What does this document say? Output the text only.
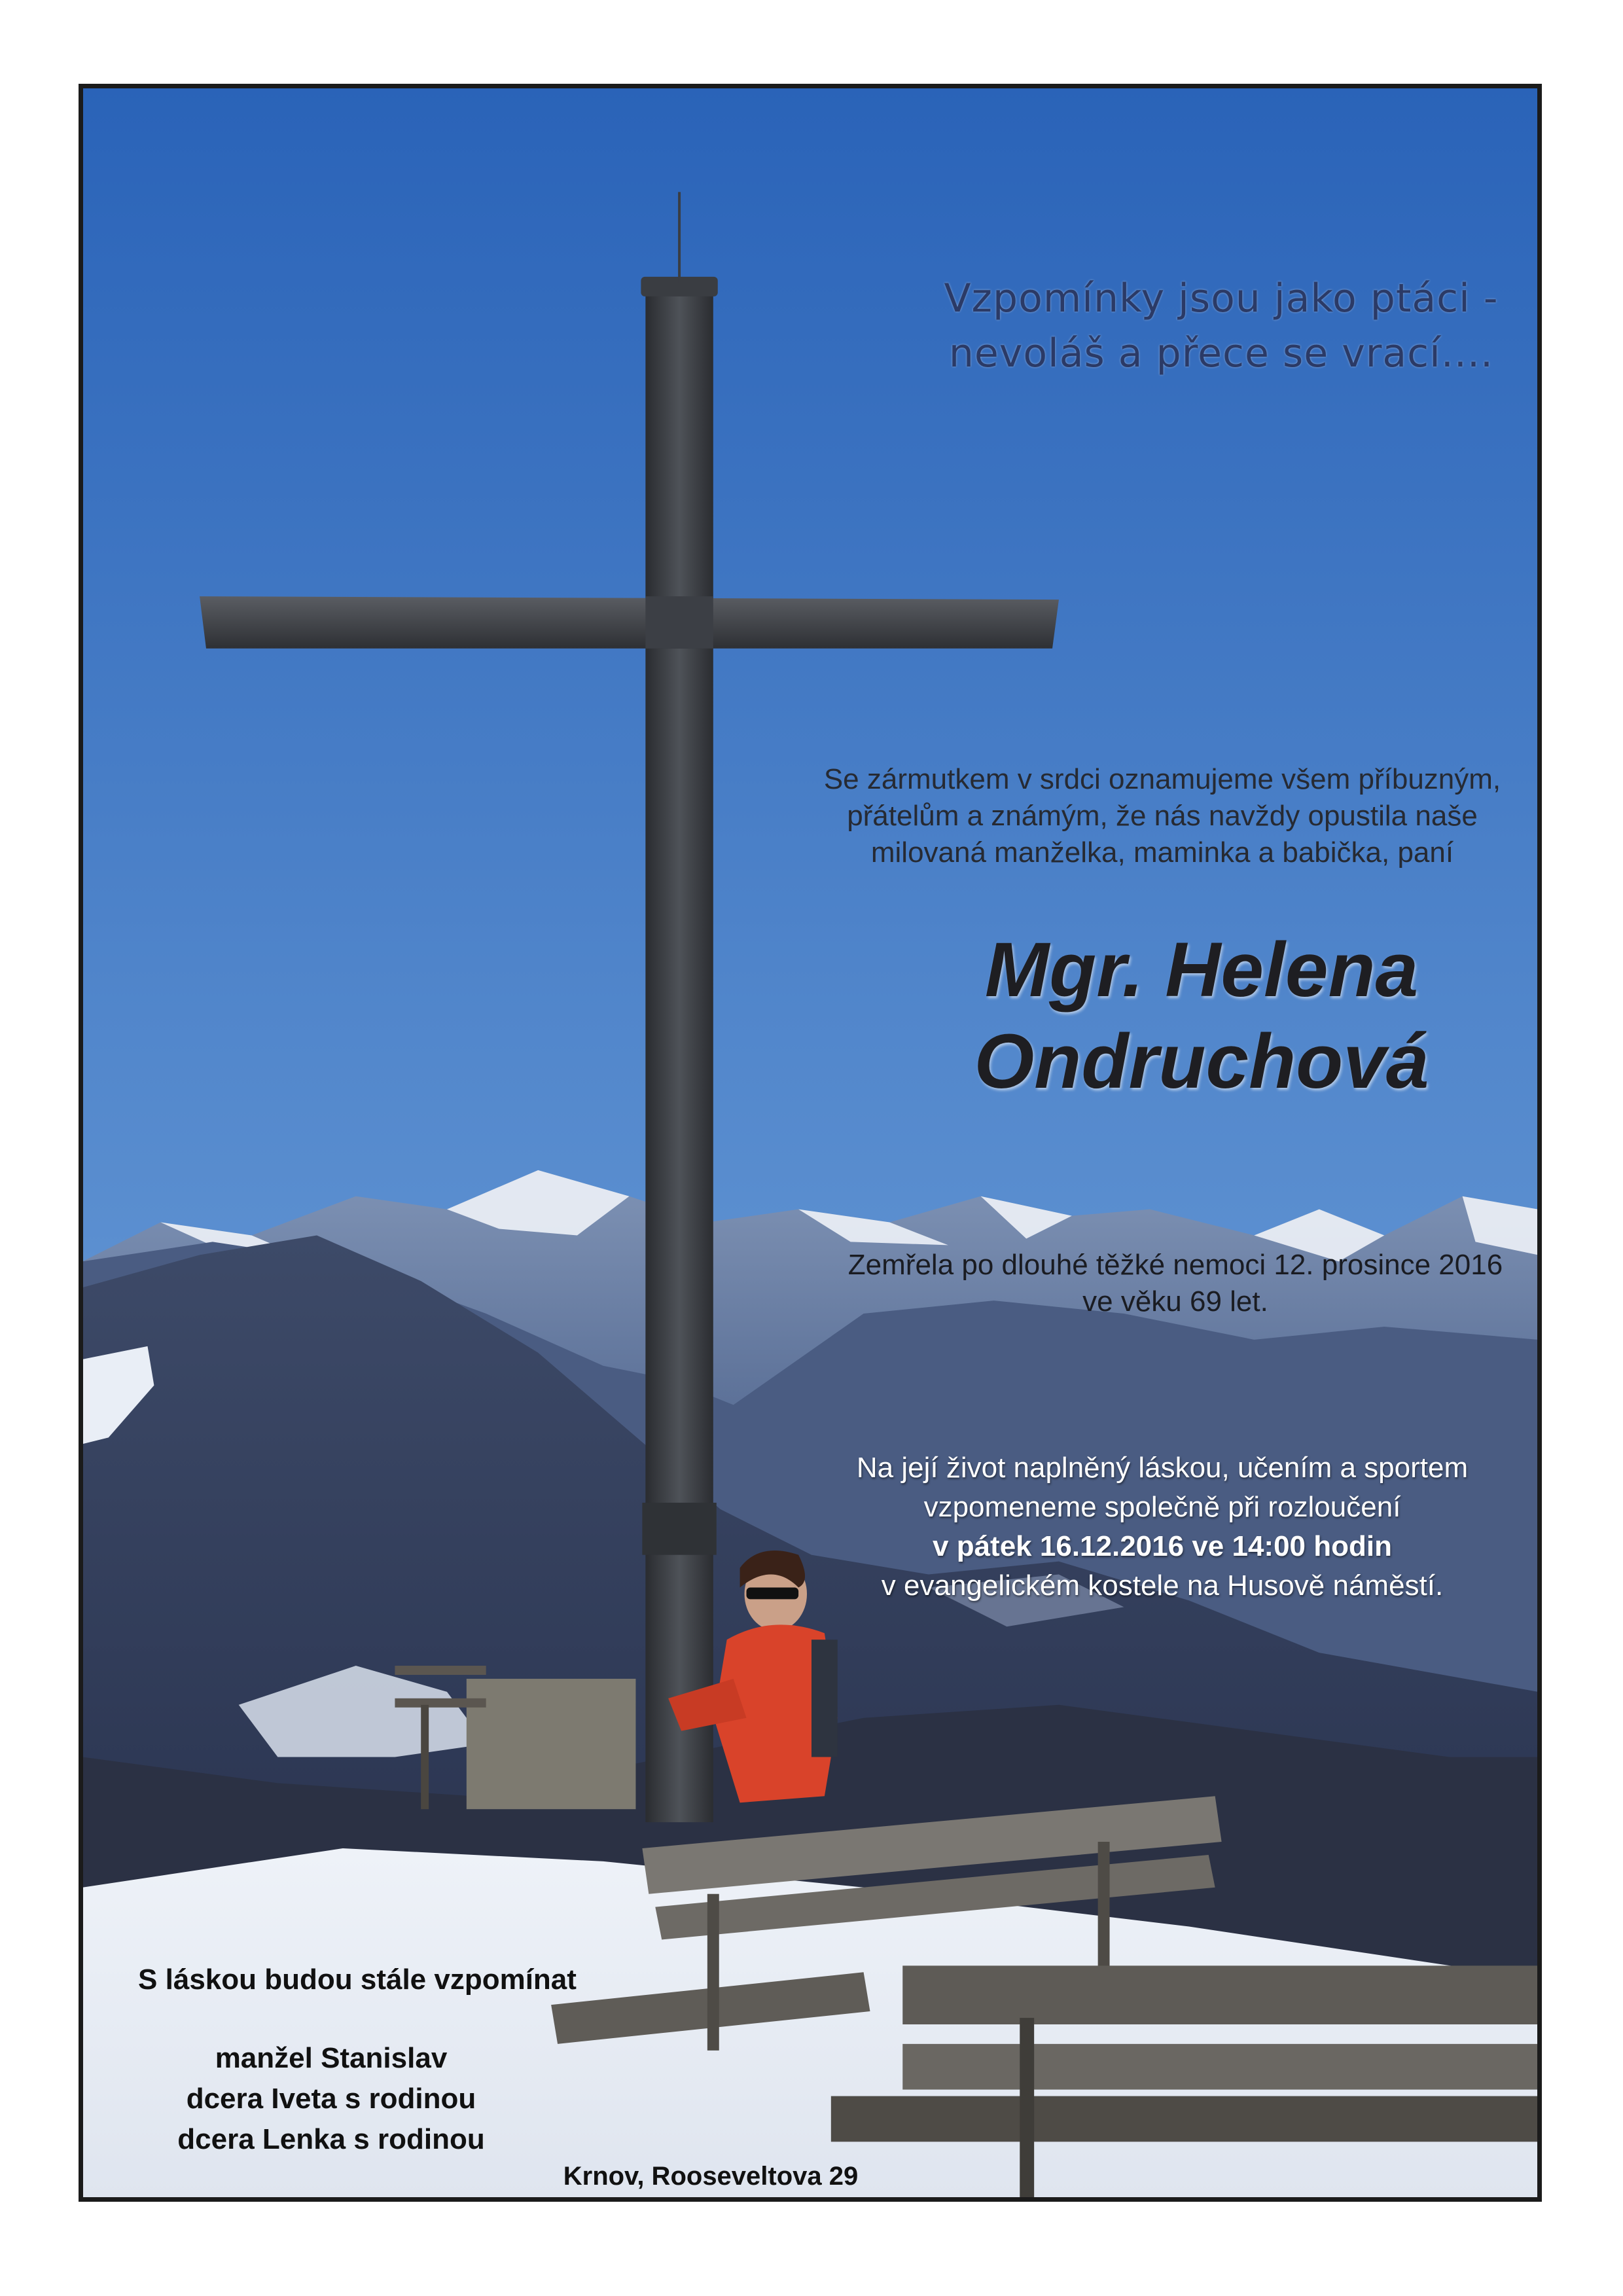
Vzpomínky jsou jako ptáci -

nevoláš a přece se vrací....

Se zármutkem v srdci oznamujeme všem příbuzným,

přátelům a známým, že nás navždy opustila naše

milovaná manželka, maminka a babička, paní

Mgr. Helena

Ondruchová

Zemřela po dlouhé těžké nemoci 12. prosince 2016

ve věku 69 let.

Na její život naplněný láskou, učením a sportem

vzpomeneme společně při rozloučení

v pátek 16.12.2016 ve 14:00 hodin

v evangelickém kostele na Husově náměstí.

S láskou budou stále vzpomínat

manžel Stanislav

dcera Iveta s rodinou

dcera Lenka s rodinou

Krnov, Rooseveltova 29
